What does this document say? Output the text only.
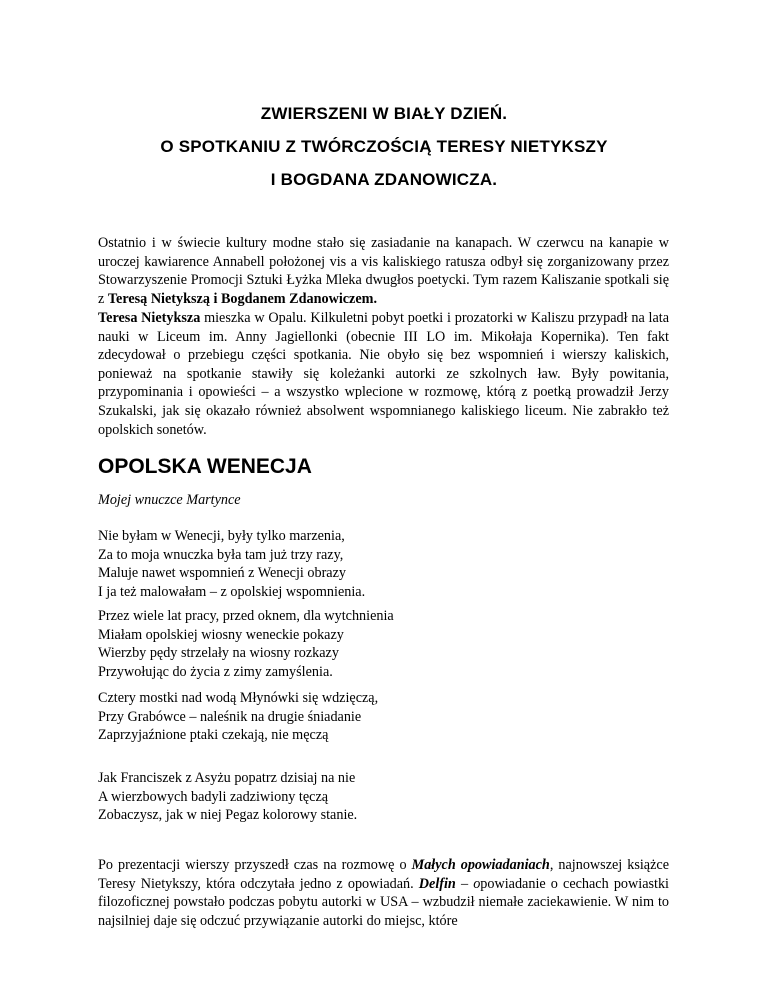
ZWIERSZENI W BIAŁY DZIEŃ.
O SPOTKANIU Z TWÓRCZOŚCIĄ TERESY NIETYKSZY
I BOGDANA ZDANOWICZA.

Ostatnio i w świecie kultury modne stało się zasiadanie na kanapach. W czerwcu na kanapie w uroczej kawiarence Annabell położonej vis a vis kaliskiego ratusza odbył się zorganizowany przez Stowarzyszenie Promocji Sztuki Łyżka Mleka dwugłos poetycki. Tym razem Kaliszanie spotkali się z Teresą Nietykszą i Bogdanem Zdanowiczem.

Teresa Nietyksza mieszka w Opalu. Kilkuletni pobyt poetki i prozatorki w Kaliszu przypadł na lata nauki w Liceum im. Anny Jagiellonki (obecnie III LO im. Mikołaja Kopernika). Ten fakt zdecydował o przebiegu części spotkania. Nie obyło się bez wspomnień i wierszy kaliskich, ponieważ na spotkanie stawiły się koleżanki autorki ze szkolnych ław. Były powitania, przypominania i opowieści – a wszystko wplecione w rozmowę, którą z poetką prowadził Jerzy Szukalski, jak się okazało również absolwent wspomnianego kaliskiego liceum. Nie zabrakło też opolskich sonetów.

OPOLSKA WENECJA

Mojej wnuczce Martynce

Nie byłam w Wenecji, były tylko marzenia,
Za to moja wnuczka była tam już trzy razy,
Maluje nawet wspomnień z Wenecji obrazy
I ja też malowałam – z opolskiej wspomnienia.

Przez wiele lat pracy, przed oknem, dla wytchnienia
Miałam opolskiej wiosny weneckie pokazy
Wierzby pędy strzelały na wiosny rozkazy
Przywołując do życia z zimy zamyślenia.

Cztery mostki nad wodą Młynówki się wdzięczą,
Przy Grabówce – naleśnik na drugie śniadanie
Zaprzyjaźnione ptaki czekają, nie męczą

Jak Franciszek z Asyżu popatrz dzisiaj na nie
A wierzbowych badyli zadziwiony tęczą
Zobaczysz, jak w niej Pegaz kolorowy stanie.

Po prezentacji wierszy przyszedł czas na rozmowę o Małych opowiadaniach, najnowszej książce Teresy Nietykszy, która odczytała jedno z opowiadań. Delfin – opowiadanie o cechach powiastki filozoficznej powstało podczas pobytu autorki w USA – wzbudził niemałe zaciekawienie. W nim to najsilniej daje się odczuć przywiązanie autorki do miejsc, które
